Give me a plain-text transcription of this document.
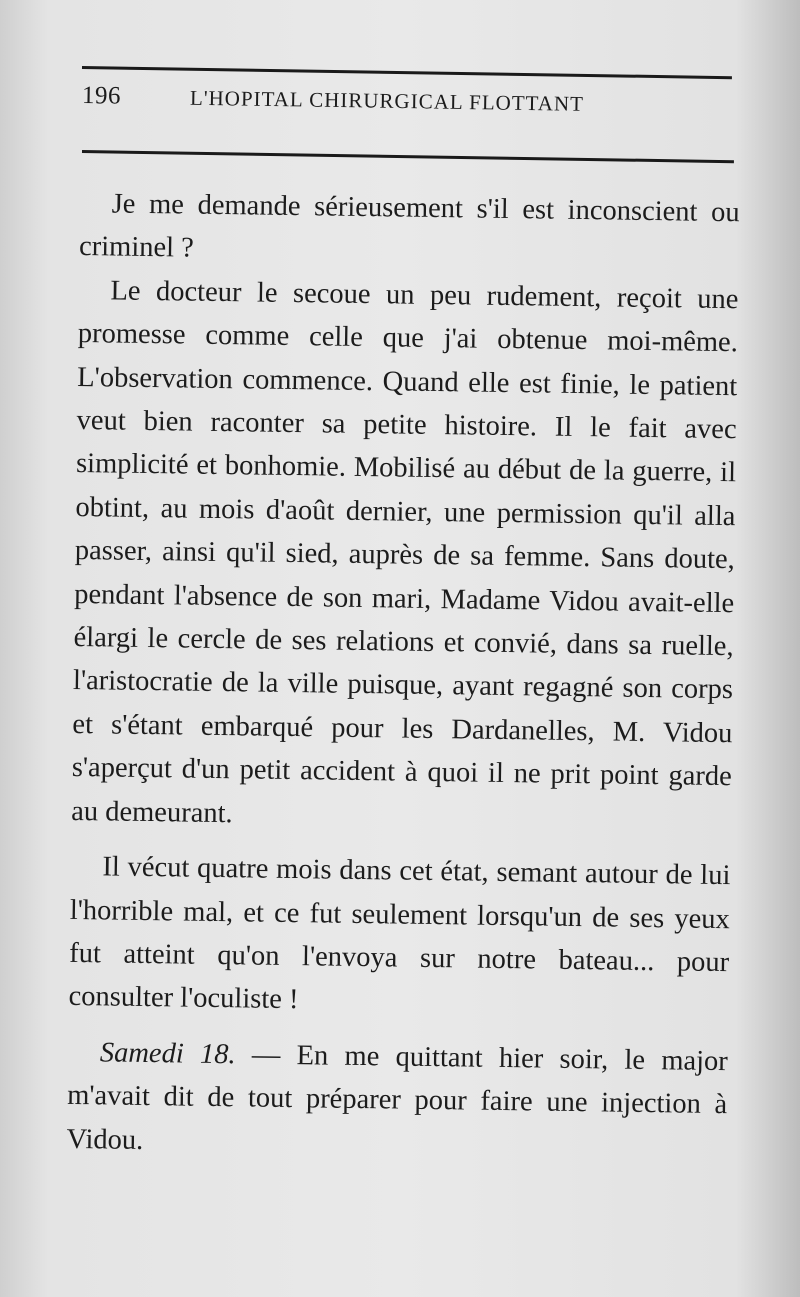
196	L'HOPITAL CHIRURGICAL FLOTTANT

Je me demande sérieusement s'il est inconscient ou criminel ?

Le docteur le secoue un peu rudement, reçoit une promesse comme celle que j'ai obtenue moi-même. L'observation commence. Quand elle est finie, le patient veut bien raconter sa petite histoire. Il le fait avec simplicité et bonhomie. Mobilisé au début de la guerre, il obtint, au mois d'août dernier, une permission qu'il alla passer, ainsi qu'il sied, auprès de sa femme. Sans doute, pendant l'absence de son mari, Madame Vidou avait-elle élargi le cercle de ses relations et convié, dans sa ruelle, l'aristocratie de la ville puisque, ayant regagné son corps et s'étant embarqué pour les Dardanelles, M. Vidou s'aperçut d'un petit accident à quoi il ne prit point garde au demeurant.

Il vécut quatre mois dans cet état, semant autour de lui l'horrible mal, et ce fut seulement lorsqu'un de ses yeux fut atteint qu'on l'envoya sur notre bateau... pour consulter l'oculiste !

Samedi 18. — En me quittant hier soir, le major m'avait dit de tout préparer pour faire une injection à Vidou.
